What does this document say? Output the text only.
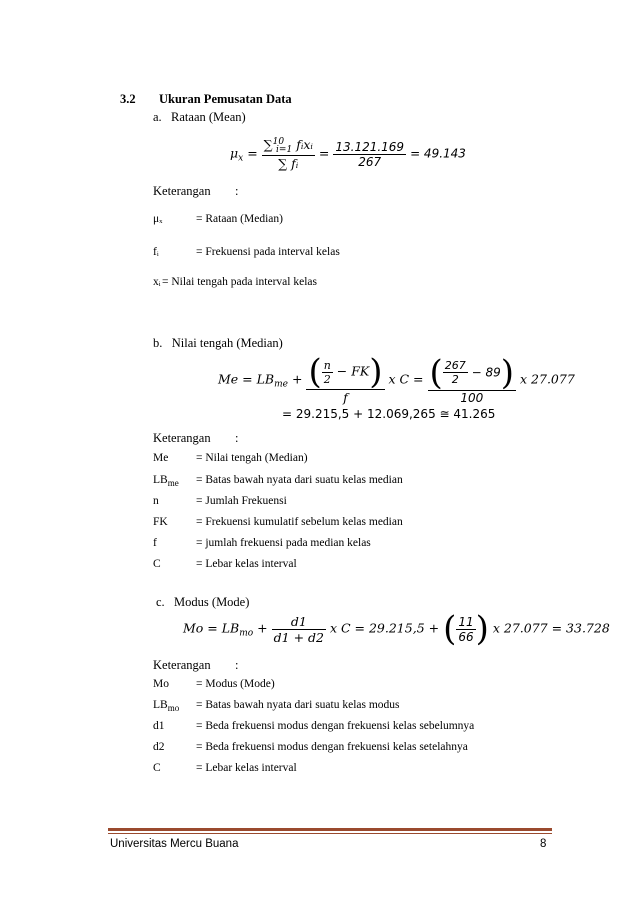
3.2 Ukuran Pemusatan Data
a.   Rataan (Mean)
$\mu_x = \frac{\sum^{10}_{i=1} fᵢxᵢ}{\text{∑ fᵢ}} = \frac{13.121.169}{267} = 49.143$
Keterangan :
μₓ	= Rataan (Median)
fᵢ	= Frekuensi pada interval kelas
xᵢ = Nilai tengah pada interval kelas
b.   Nilai tengah (Median)
$Me = LB_{me} + \frac{( \frac{n}{2} - FK)}{f}$ x $C = \frac{( \frac{267}{2} - 89)}{100}$ x 27.077
= 29.215,5 + 12.069,265 ≅ 41.265
Keterangan :
Me = Nilai tengah (Median)
$LB_{me}$ = Batas bawah nyata dari suatu kelas median
n	= Jumlah Frekuensi
FK = Frekuensi kumulatif sebelum kelas median
f	= jumlah frekuensi pada median kelas
C	= Lebar kelas interval
c.   Modus (Mode)
$Mo = LB_{mo} + \frac{d1}{d1 + d2}$ x C = 29.215,5 + ( $\frac{11}{66}$ ) x 27.077 = 33.728
Keterangan :
Mo = Modus (Mode)
$LB_{mo}$ = Batas bawah nyata dari suatu kelas modus
d1	= Beda frekuensi modus dengan frekuensi kelas sebelumnya
d2	= Beda frekuensi modus dengan frekuensi kelas setelahnya
C	= Lebar kelas interval
Universitas Mercu Buana	8
